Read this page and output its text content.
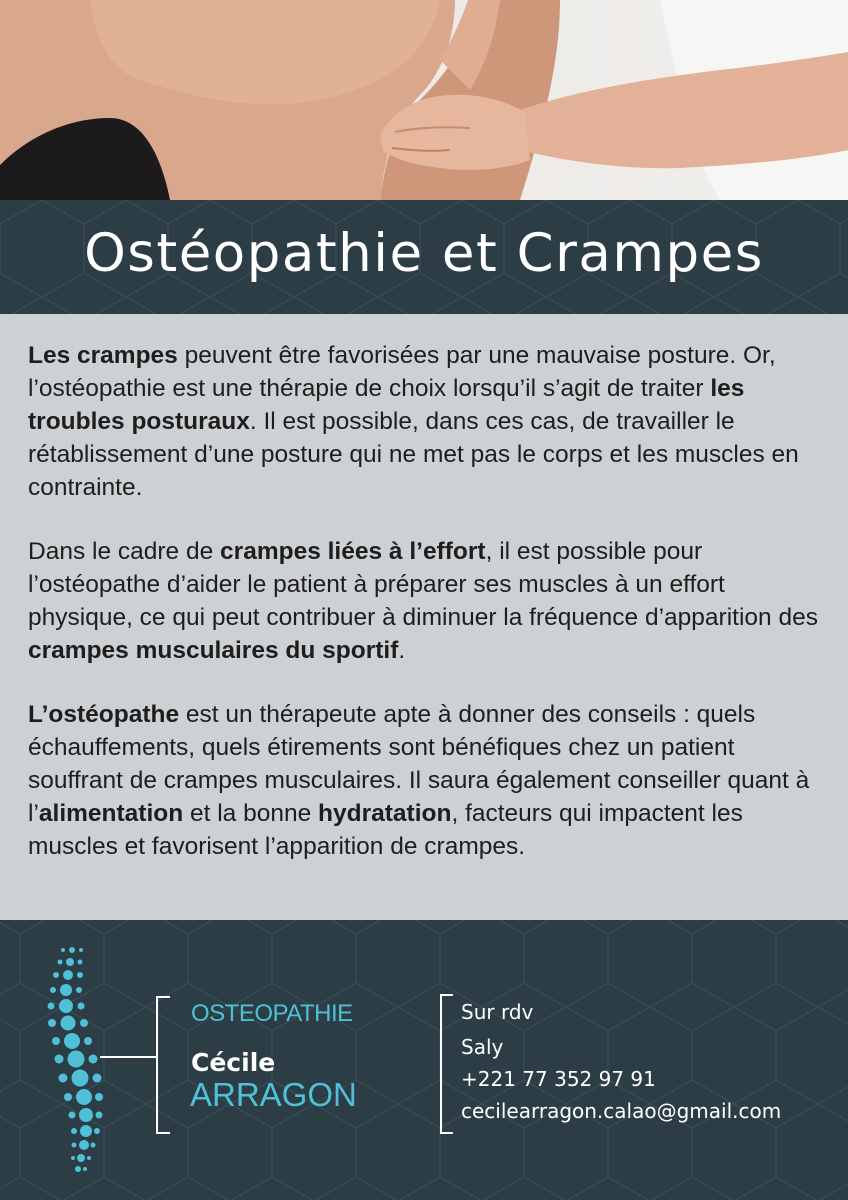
Ostéopathie et Crampes

Les crampes peuvent être favorisées par une mauvaise posture. Or, l’ostéopathie est une thérapie de choix lorsqu’il s’agit de traiter les troubles posturaux. Il est possible, dans ces cas, de travailler le rétablissement d’une posture qui ne met pas le corps et les muscles en contrainte.

Dans le cadre de crampes liées à l’effort, il est possible pour l’ostéopathe d’aider le patient à préparer ses muscles à un effort physique, ce qui peut contribuer à diminuer la fréquence d’apparition des crampes musculaires du sportif.

L’ostéopathe est un thérapeute apte à donner des conseils : quels échauffements, quels étirements sont bénéfiques chez un patient souffrant de crampes musculaires. Il saura également conseiller quant à l’alimentation et la bonne hydratation, facteurs qui impactent les muscles et favorisent l’apparition de crampes.

OSTEOPATHIE
Cécile
ARRAGON
Sur rdv
Saly
+221 77 352 97 91
cecilearragon.calao@gmail.com
